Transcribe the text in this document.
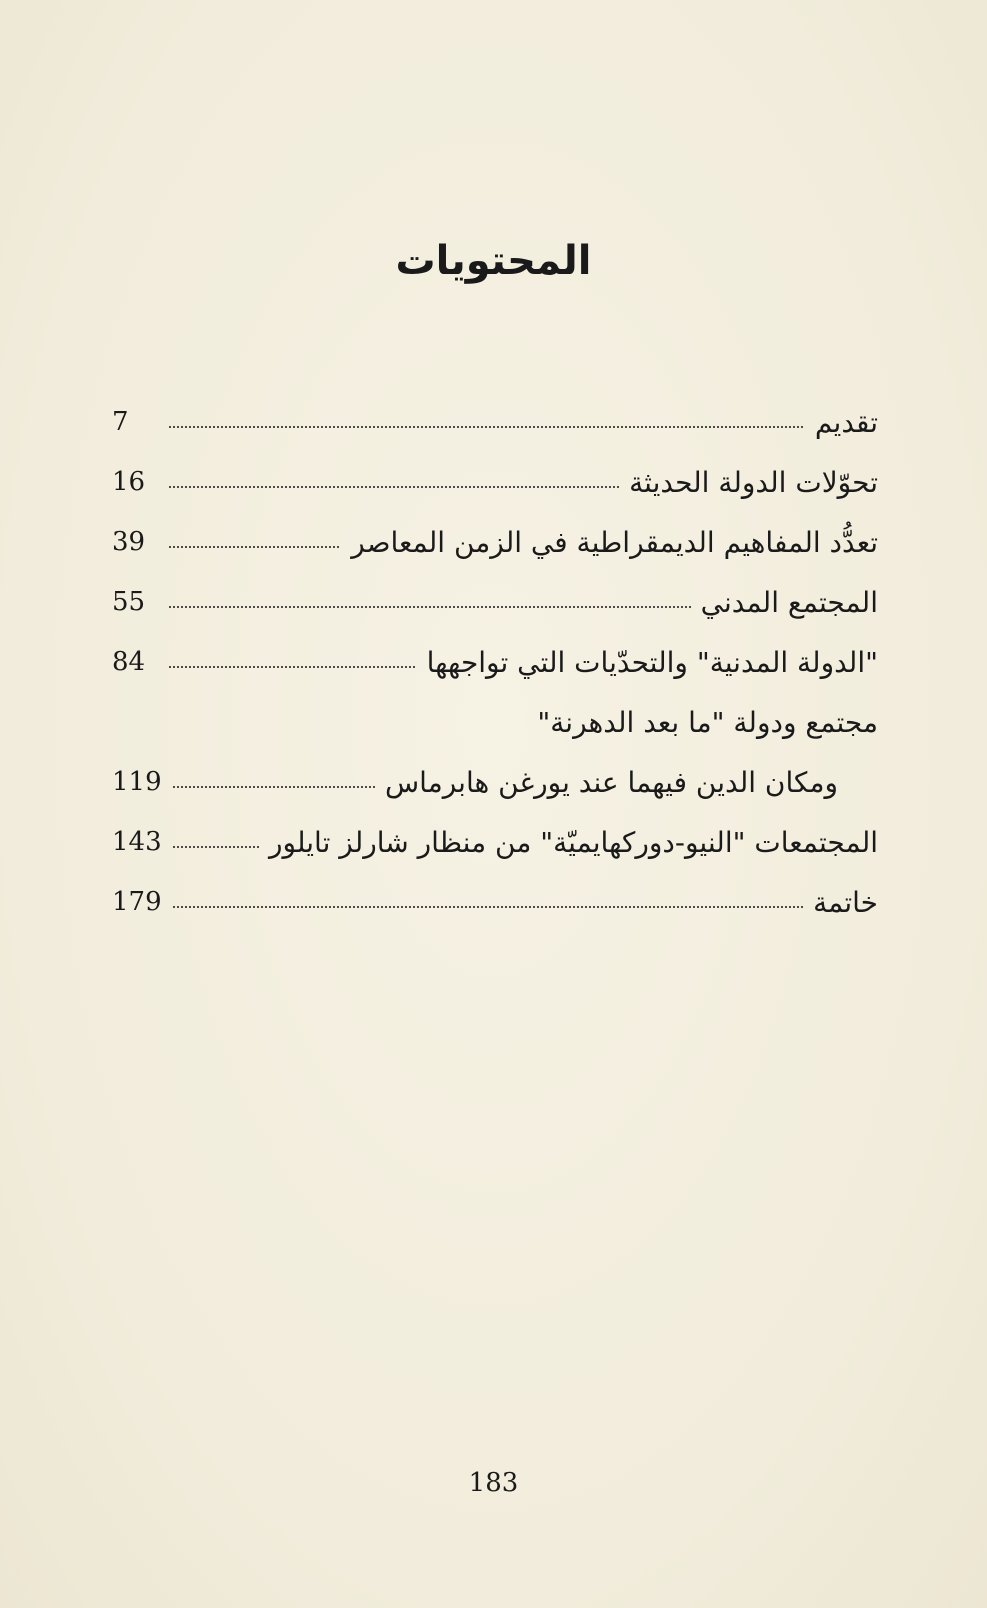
المحتويات
تقديم
7
تحوّلات الدولة الحديثة
16
تعدُّد المفاهيم الديمقراطية في الزمن المعاصر
39
المجتمع المدني
55
"الدولة المدنية" والتحدّيات التي تواجهها
84
مجتمع ودولة "ما بعد الدهرنة"
ومكان الدين فيهما عند يورغن هابرماس
119
المجتمعات "النيو-دوركهايميّة" من منظار شارلز تايلور
143
خاتمة
179
183
